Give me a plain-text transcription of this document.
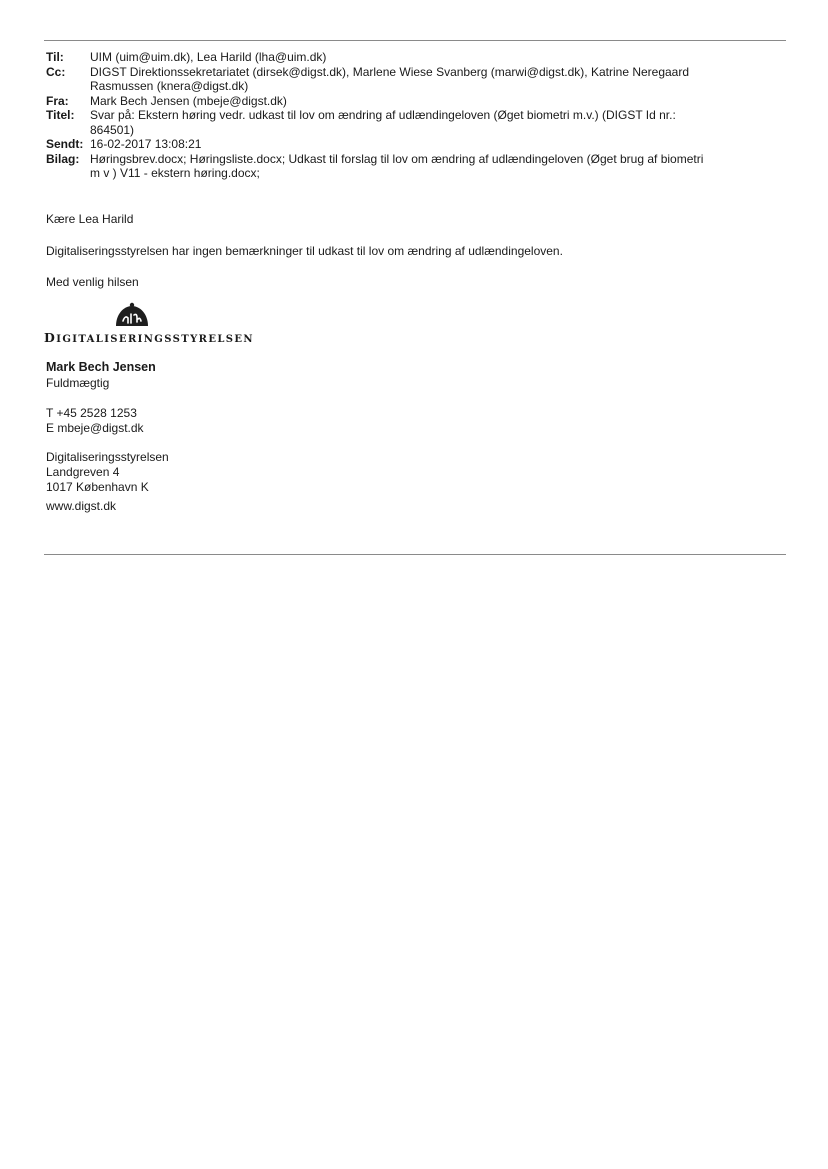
Til:	UIM (uim@uim.dk), Lea Harild (lha@uim.dk)
Cc:	DIGST Direktionssekretariatet (dirsek@digst.dk), Marlene Wiese Svanberg (marwi@digst.dk), Katrine Neregaard
Rasmussen (knera@digst.dk)
Fra:	Mark Bech Jensen (mbeje@digst.dk)
Titel:	Svar på: Ekstern høring vedr. udkast til lov om ændring af udlændingeloven (Øget biometri m.v.) (DIGST Id nr.:
864501)
Sendt: 16-02-2017 13:08:21
Bilag: Høringsbrev.docx; Høringsliste.docx; Udkast til forslag til lov om ændring af udlændingeloven (Øget brug af biometri
m v ) V11 - ekstern høring.docx;
Kære Lea Harild
Digitaliseringsstyrelsen har ingen bemærkninger til udkast til lov om ændring af udlændingeloven.
Med venlig hilsen
DIGITALISERINGSSTYRELSEN
Mark Bech Jensen
Fuldmægtig
T +45 2528 1253
E mbeje@digst.dk
Digitaliseringsstyrelsen
Landgreven 4
1017 København K
www.digst.dk
